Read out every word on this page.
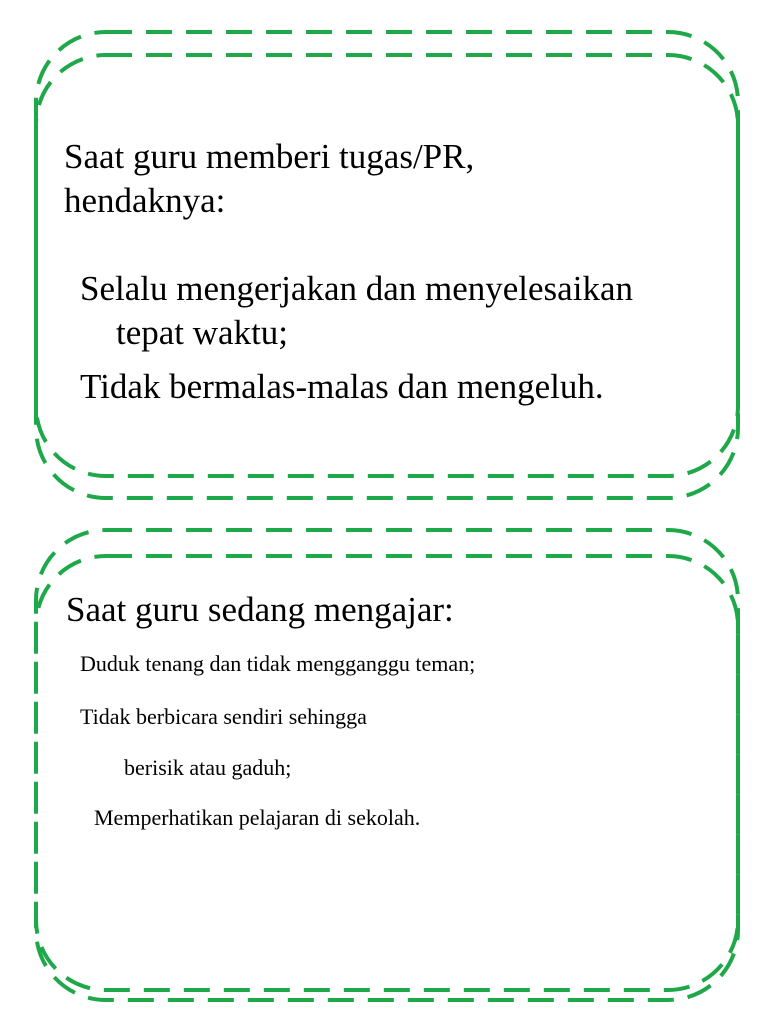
Saat guru memberi tugas/PR,
hendaknya:

Selalu mengerjakan dan menyelesaikan

tepat waktu;

Tidak bermalas-malas dan mengeluh.

Saat guru sedang mengajar:

Duduk tenang dan tidak mengganggu teman;

Tidak berbicara sendiri sehingga

berisik atau gaduh;

Memperhatikan pelajaran di sekolah.
